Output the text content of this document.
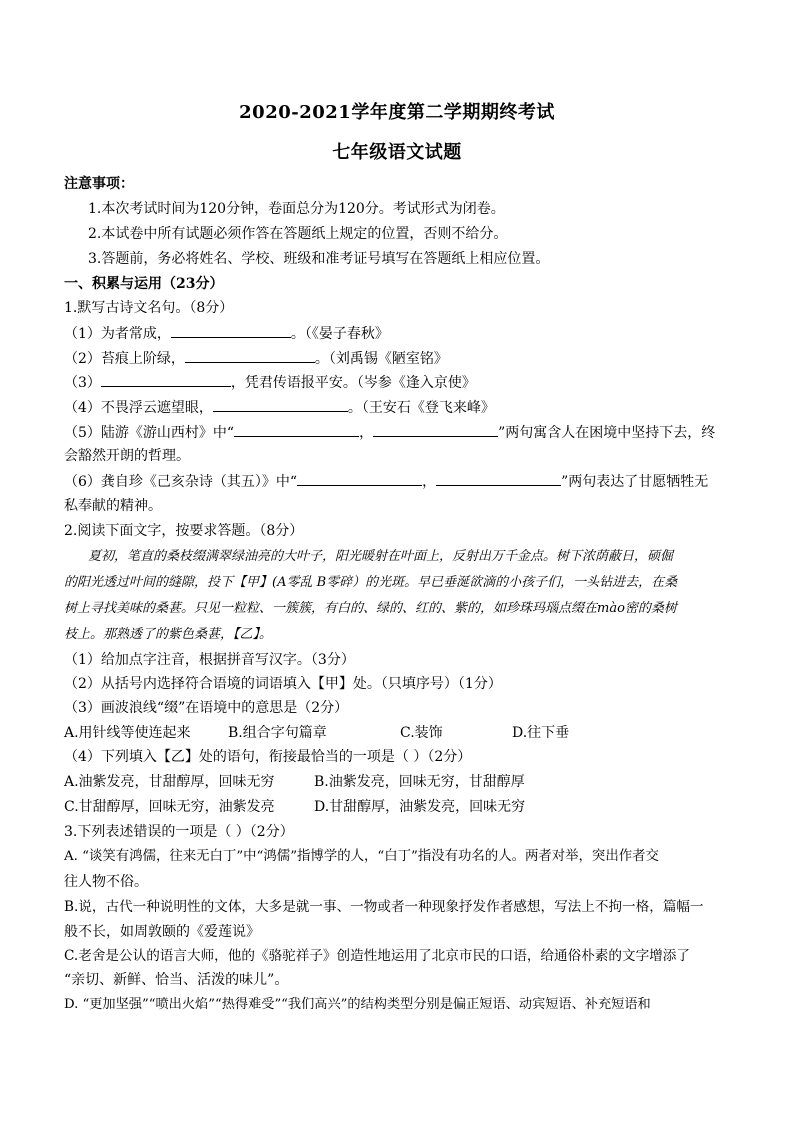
2020-2021学年度第二学期期终考试
七年级语文试题
注意事项：
1.本次考试时间为120分钟，卷面总分为120分。考试形式为闭卷。
2.本试卷中所有试题必须作答在答题纸上规定的位置，否则不给分。
3.答题前，务必将姓名、学校、班级和准考证号填写在答题纸上相应位置。
一、积累与运用（23分）
1.默写古诗文名句。（8分）
（1）为者常成，	。（《晏子春秋》
（2）苔痕上阶绿，	。（刘禹锡《陋室铭》
（3）	，凭君传语报平安。（岑参《逢入京使》
（4）不畏浮云遮望眼，	。（王安石《登飞来峰》
（5）陆游《游山西村》中“	，	”两句寓含人在困境中坚持下去，终
会豁然开朗的哲理。
（6）龚自珍《己亥杂诗（其五）》中“	，	”两句表达了甘愿牺牲无
私奉献的精神。
2.阅读下面文字，按要求答题。（8分）
夏初，笔直的桑枝缀满翠绿油亮的大叶子，阳光暖射在叶面上，反射出万千金点。树下浓荫蔽日，硕倔
的阳光透过叶间的缝隙，投下【甲】(A零乱 B零碎）的光斑。早已垂涎欲滴的小孩子们，一头钻进去，在桑
树上寻找美味的桑葚。只见一粒粒、一簇簇，有白的、绿的、红的、紫的，如珍珠玛瑙点缀在mào密的桑树
枝上。那熟透了的紫色桑葚，【乙】。
（1）给加点字注音，根据拼音写汉字。（3分）
（2）从括号内选择符合语境的词语填入【甲】处。（只填序号）（1分）
（3）画波浪线“缀”在语境中的意思是（2分）
A.用针线等使连起来	B.组合字句篇章	C.装饰	D.往下垂
（4）下列填入【乙】处的语句，衔接最恰当的一项是（ ）（2分）
A.油紫发亮，甘甜醇厚，回味无穷	B.油紫发亮，回味无穷，甘甜醇厚
C.甘甜醇厚，回味无穷，油紫发亮	D.甘甜醇厚，油紫发亮，回味无穷
3.下列表述错误的一项是（ ）（2分）
A. “谈笑有鸿儒，往来无白丁”中“鸿儒”指博学的人，“白丁”指没有功名的人。两者对举，突出作者交
往人物不俗。
B.说，古代一种说明性的文体，大多是就一事、一物或者一种现象抒发作者感想，写法上不拘一格，篇幅一
般不长，如周敦颐的《爱莲说》
C.老舍是公认的语言大师，他的《骆驼祥子》创造性地运用了北京市民的口语，给通俗朴素的文字增添了
“亲切、新鲜、恰当、活泼的味儿”。
D. “更加坚强”“喷出火焰”“热得难受”“我们高兴”的结构类型分别是偏正短语、动宾短语、补充短语和
